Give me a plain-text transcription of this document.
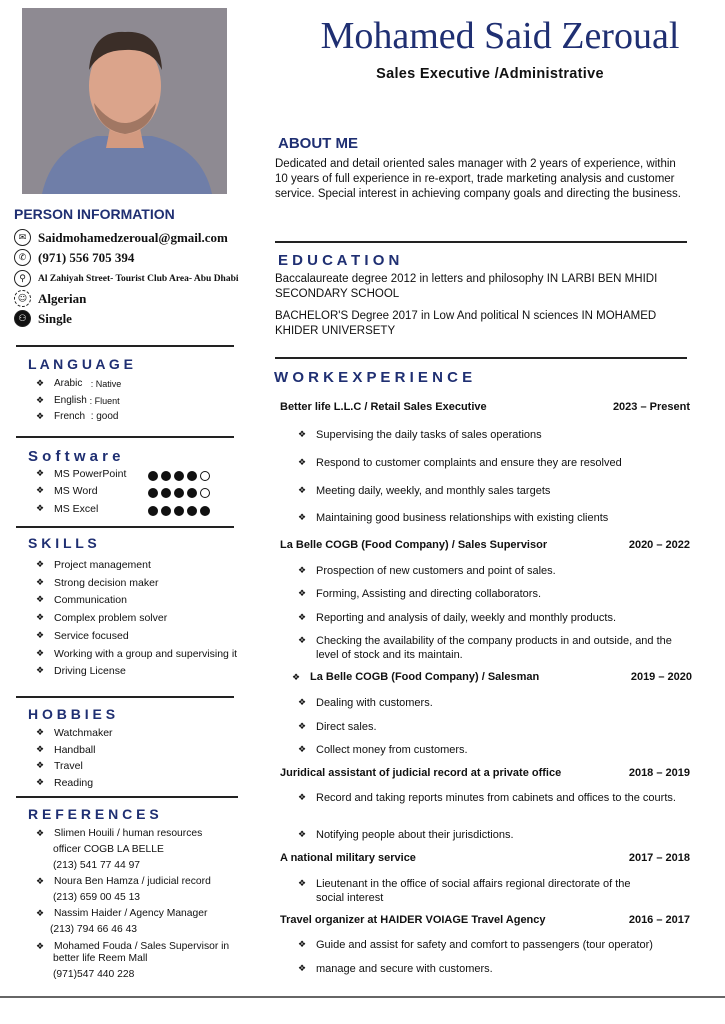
Mohamed Said Zeroual
Sales Executive /Administrative
PERSON INFORMATION
✉ Saidmohamedzeroual@gmail.com
✆ (971) 556 705 394
⚲	Al Zahiyah Street- Tourist Club Area- Abu Dhabi
☺ Algerian
⚇ Single
L A N G U A G E
❖ Arabic
: Native
❖ English
: Fluent
❖ French
: good
S o f t w a r e
❖ MS PowerPoint
❖ MS Word
❖ MS Excel
S K I L L S
❖ Project management
❖ Strong decision maker
❖ Communication
❖ Complex problem solver
❖ Service focused
❖ Working with a group and supervising it
❖ Driving License
H O B B I E S
❖ Watchmaker
❖ Handball
❖ Travel
❖ Reading
R E F E R E N C E S
❖ Slimen Houili / human resources
officer COGB LA BELLE
(213) 541 77 44 97
❖ Noura Ben Hamza / judicial record
(213) 659 00 45 13
❖ Nassim Haider / Agency Manager
(213) 794 66 46 43
❖ Mohamed Fouda / Sales Supervisor in
better life Reem Mall
(971)547 440 228
ABOUT ME
Dedicated and detail oriented sales manager with 2 years of experience, within 10 years of full experience in re-export, trade marketing analysis and customer service. Special interest in achieving company goals and directing the business.
E D U C A T I O N
Baccalaureate degree 2012 in letters and philosophy IN LARBI BEN MHIDI SECONDARY SCHOOL
BACHELOR'S Degree 2017 in Low And political N sciences IN MOHAMED KHIDER UNIVERSETY
W O R K E X P E R I E N C E
Better life L.L.C / Retail Sales Executive	2023 – Present
❖ Supervising the daily tasks of sales operations
❖ Respond to customer complaints and ensure they are resolved
❖ Meeting daily, weekly, and monthly sales targets
❖ Maintaining good business relationships with existing clients
La Belle COGB (Food Company) / Sales Supervisor	2020 – 2022
❖ Prospection of new customers and point of sales.
❖ Forming, Assisting and directing collaborators.
❖ Reporting and analysis of daily, weekly and monthly products.
❖ Checking the availability of the company products in and outside, and the level of stock and its maintain.
❖ La Belle COGB (Food Company) / Salesman	2019 – 2020
❖ Dealing with customers.
❖ Direct sales.
❖ Collect money from customers.
Juridical assistant of judicial record at a private office	2018 – 2019
❖ Record and taking reports minutes from cabinets and offices to the courts.
❖ Notifying people about their jurisdictions.
A national military service	2017 – 2018
❖ Lieutenant in the office of social affairs regional directorate of the social interest
Travel organizer at HAIDER VOIAGE Travel Agency	2016 – 2017
❖ Guide and assist for safety and comfort to passengers (tour operator)
❖ manage and secure with customers.
